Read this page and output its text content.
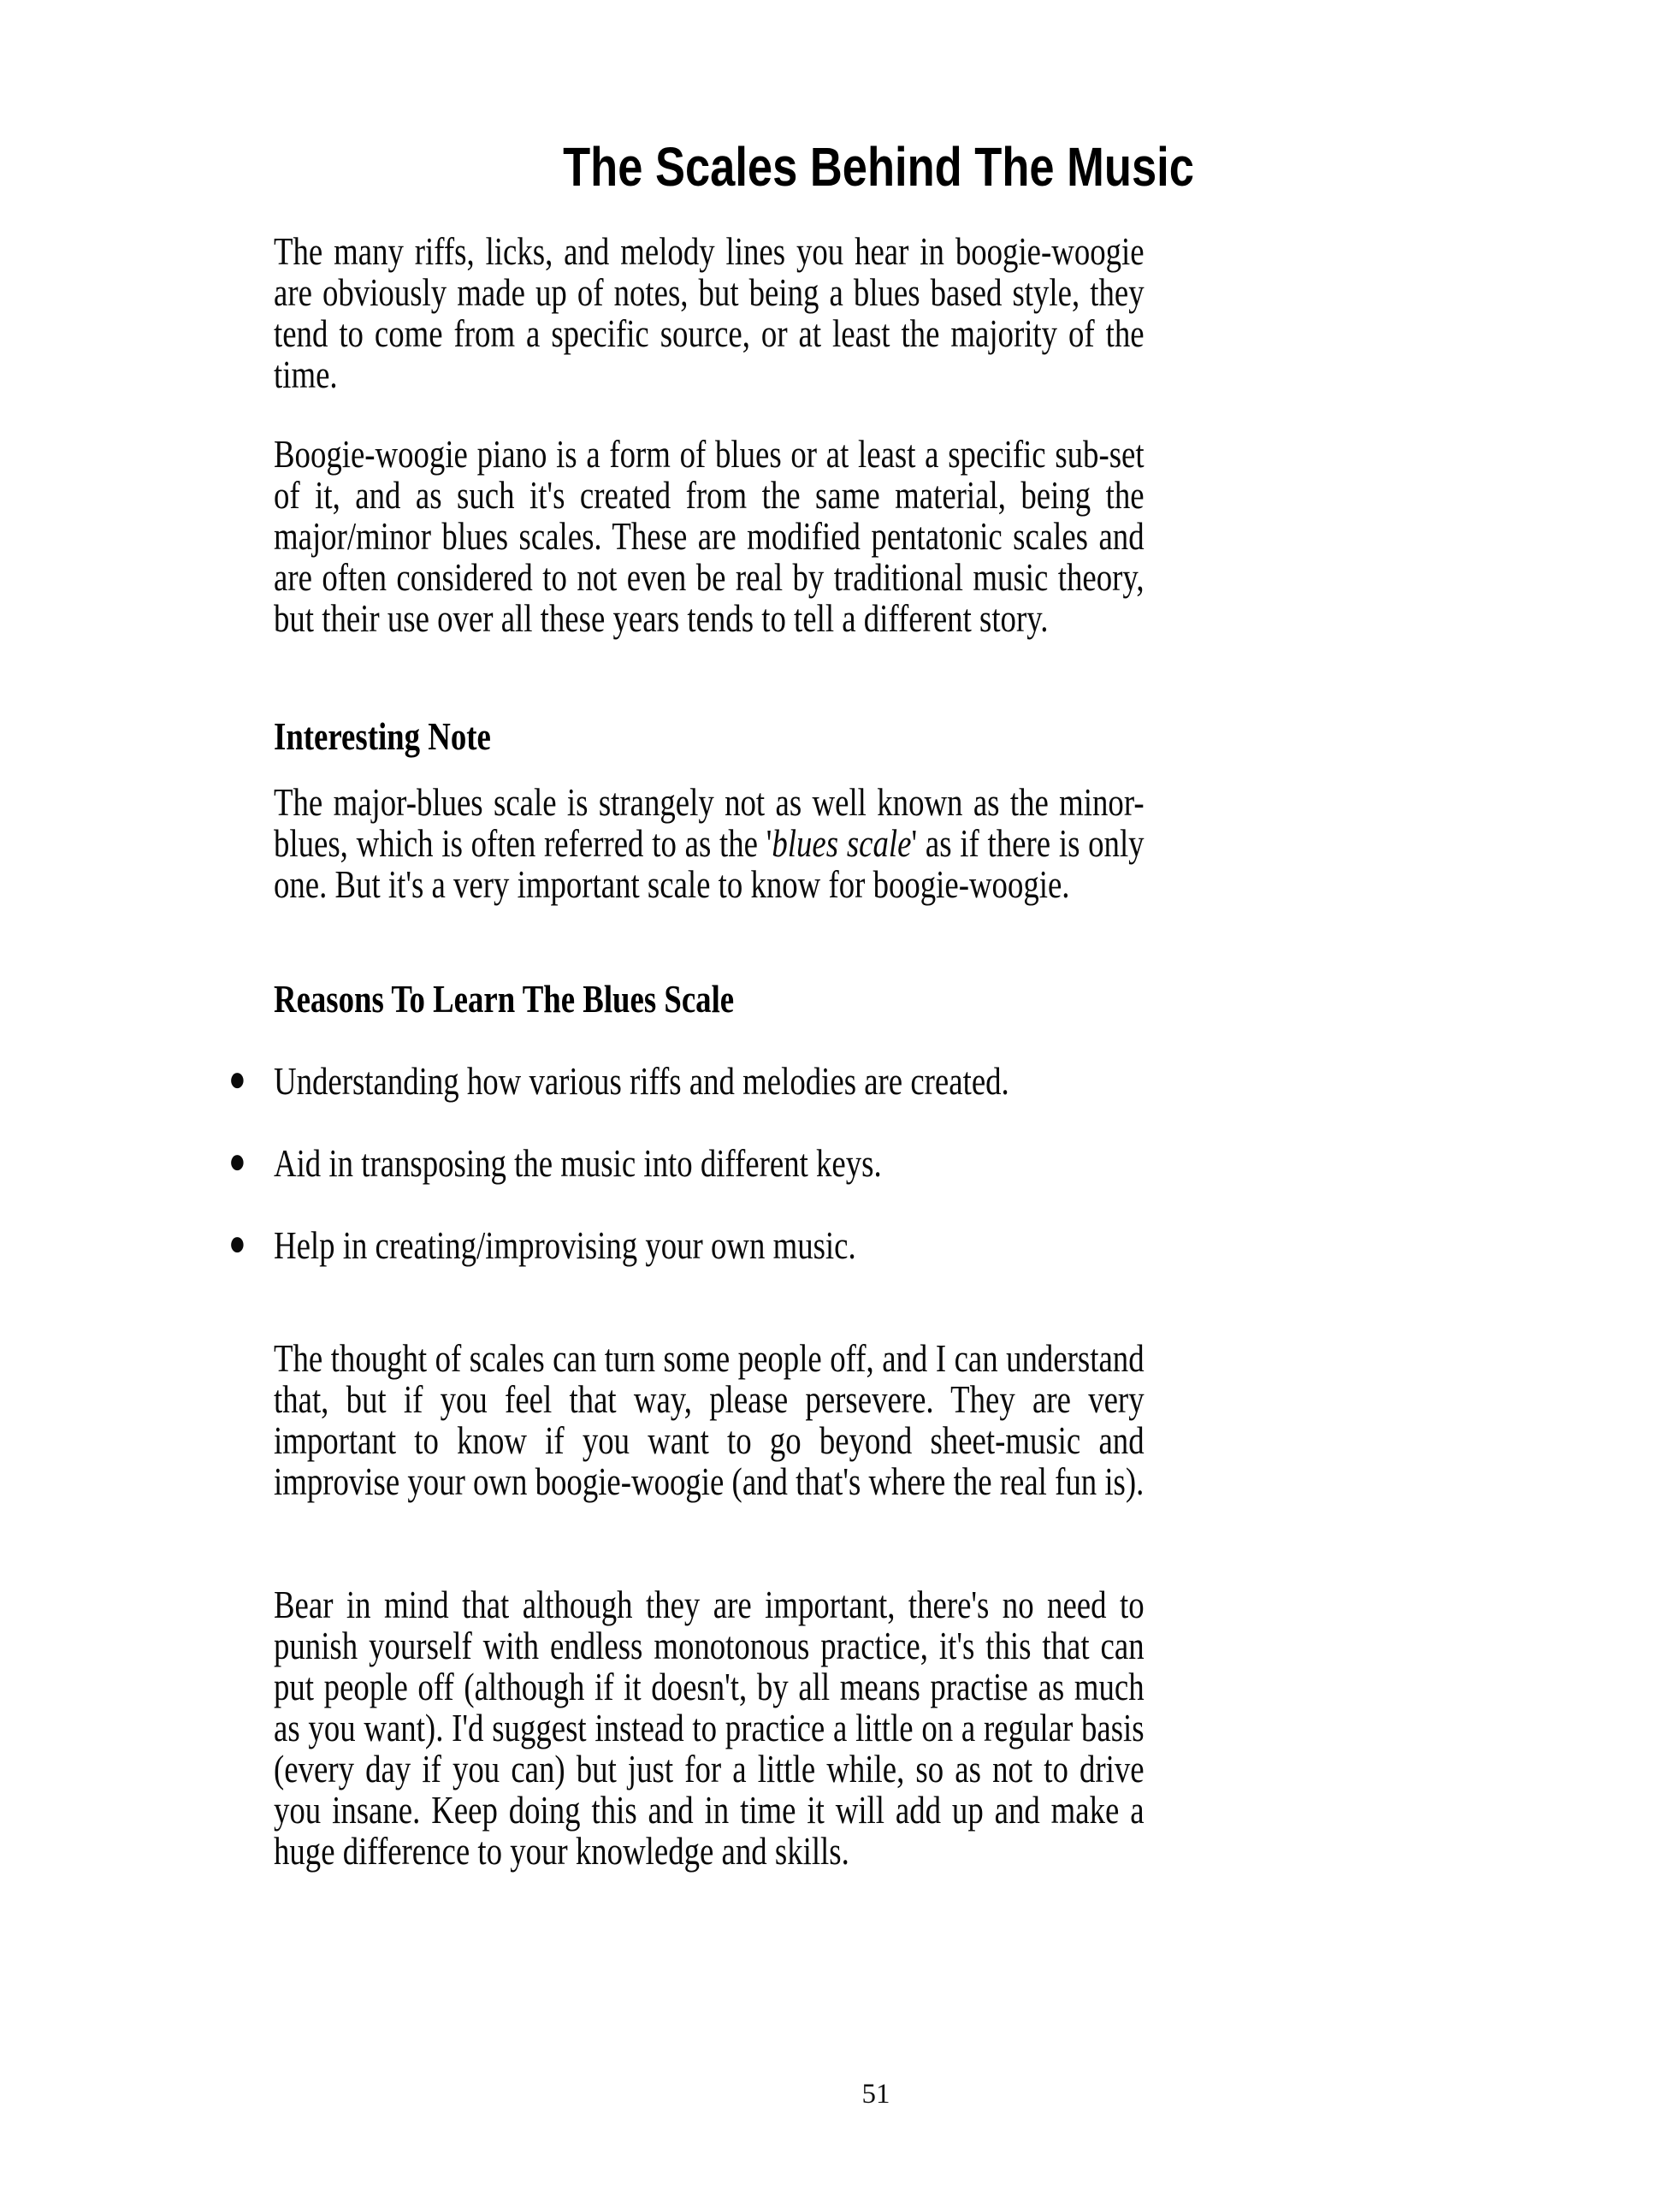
The Scales Behind The Music

The many riffs, licks, and melody lines you hear in boogie-woogie are obviously made up of notes, but being a blues based style, they tend to come from a specific source, or at least the majority of the time.

Boogie-woogie piano is a form of blues or at least a specific sub-set of it, and as such it's created from the same material, being the major/minor blues scales. These are modified pentatonic scales and are often considered to not even be real by traditional music theory, but their use over all these years tends to tell a different story.

Interesting Note

The major-blues scale is strangely not as well known as the minor-blues, which is often referred to as the 'blues scale' as if there is only one. But it's a very important scale to know for boogie-woogie.

Reasons To Learn The Blues Scale
● Understanding how various riffs and melodies are created.
● Aid in transposing the music into different keys.
● Help in creating/improvising your own music.

The thought of scales can turn some people off, and I can understand that, but if you feel that way, please persevere. They are very important to know if you want to go beyond sheet-music and improvise your own boogie-woogie (and that's where the real fun is).

Bear in mind that although they are important, there's no need to punish yourself with endless monotonous practice, it's this that can put people off (although if it doesn't, by all means practise as much as you want). I'd suggest instead to practice a little on a regular basis (every day if you can) but just for a little while, so as not to drive you insane. Keep doing this and in time it will add up and make a huge difference to your knowledge and skills.

51
